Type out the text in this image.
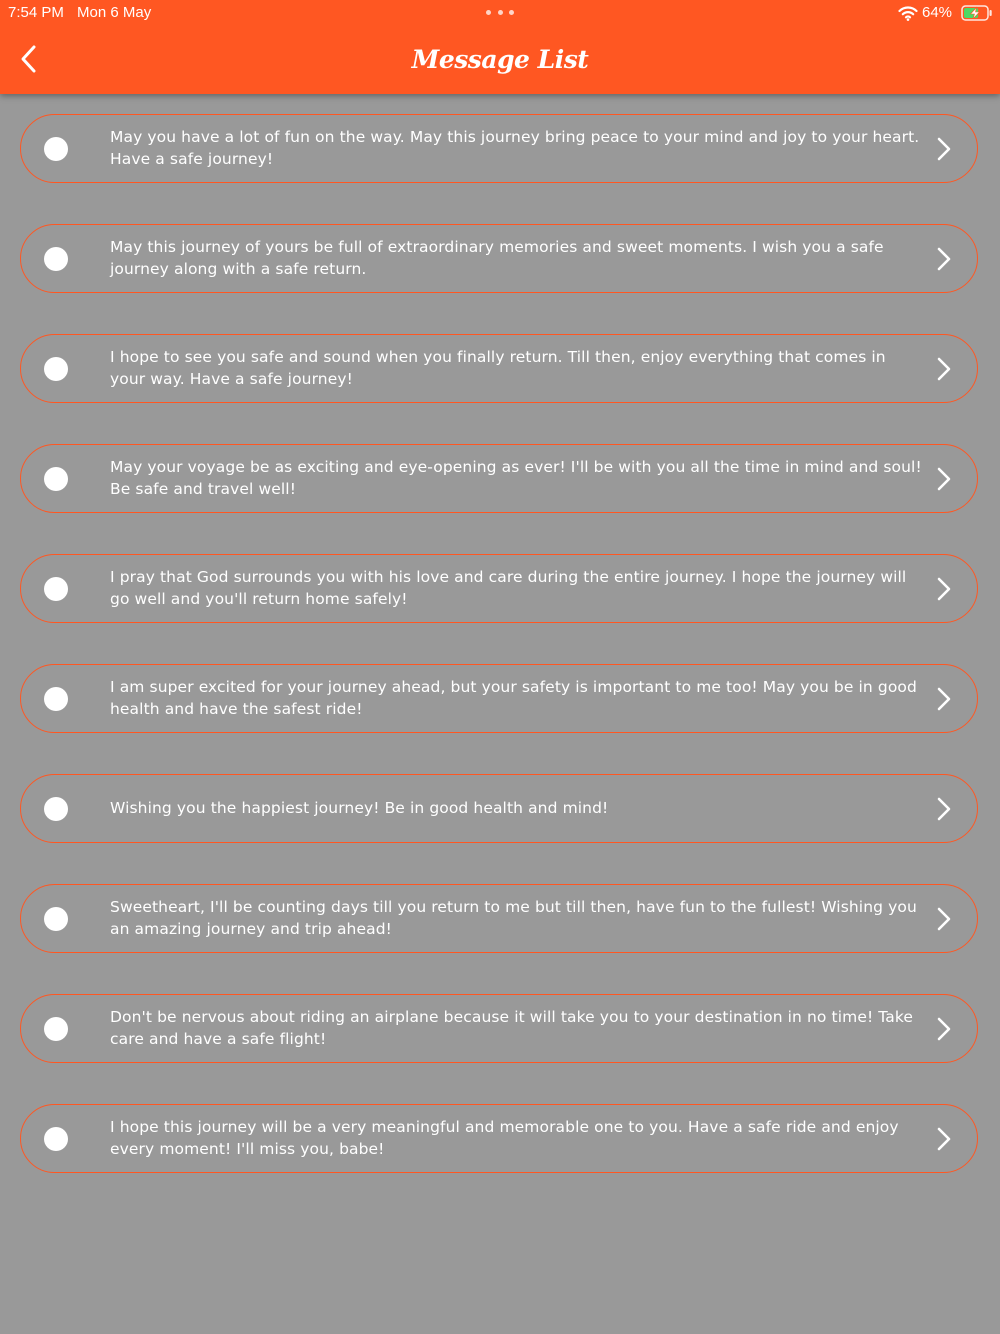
May you have a lot of fun on the way. May this journey bring peace to your mind and joy to your heart. Have a safe journey!
May this journey of yours be full of extraordinary memories and sweet moments. I wish you a safe journey along with a safe return.
I hope to see you safe and sound when you finally return. Till then, enjoy everything that comes in your way. Have a safe journey!
May your voyage be as exciting and eye-opening as ever! I'll be with you all the time in mind and soul! Be safe and travel well!
I pray that God surrounds you with his love and care during the entire journey. I hope the journey will go well and you'll return home safely!
I am super excited for your journey ahead, but your safety is important to me too! May you be in good health and have the safest ride!
Wishing you the happiest journey! Be in good health and mind!
Sweetheart, I'll be counting days till you return to me but till then, have fun to the fullest! Wishing you an amazing journey and trip ahead!
Don't be nervous about riding an airplane because it will take you to your destination in no time! Take care and have a safe flight!
I hope this journey will be a very meaningful and memorable one to you. Have a safe ride and enjoy every moment! I'll miss you, babe!
7:54 PM Mon 6 May	64%
Message List
